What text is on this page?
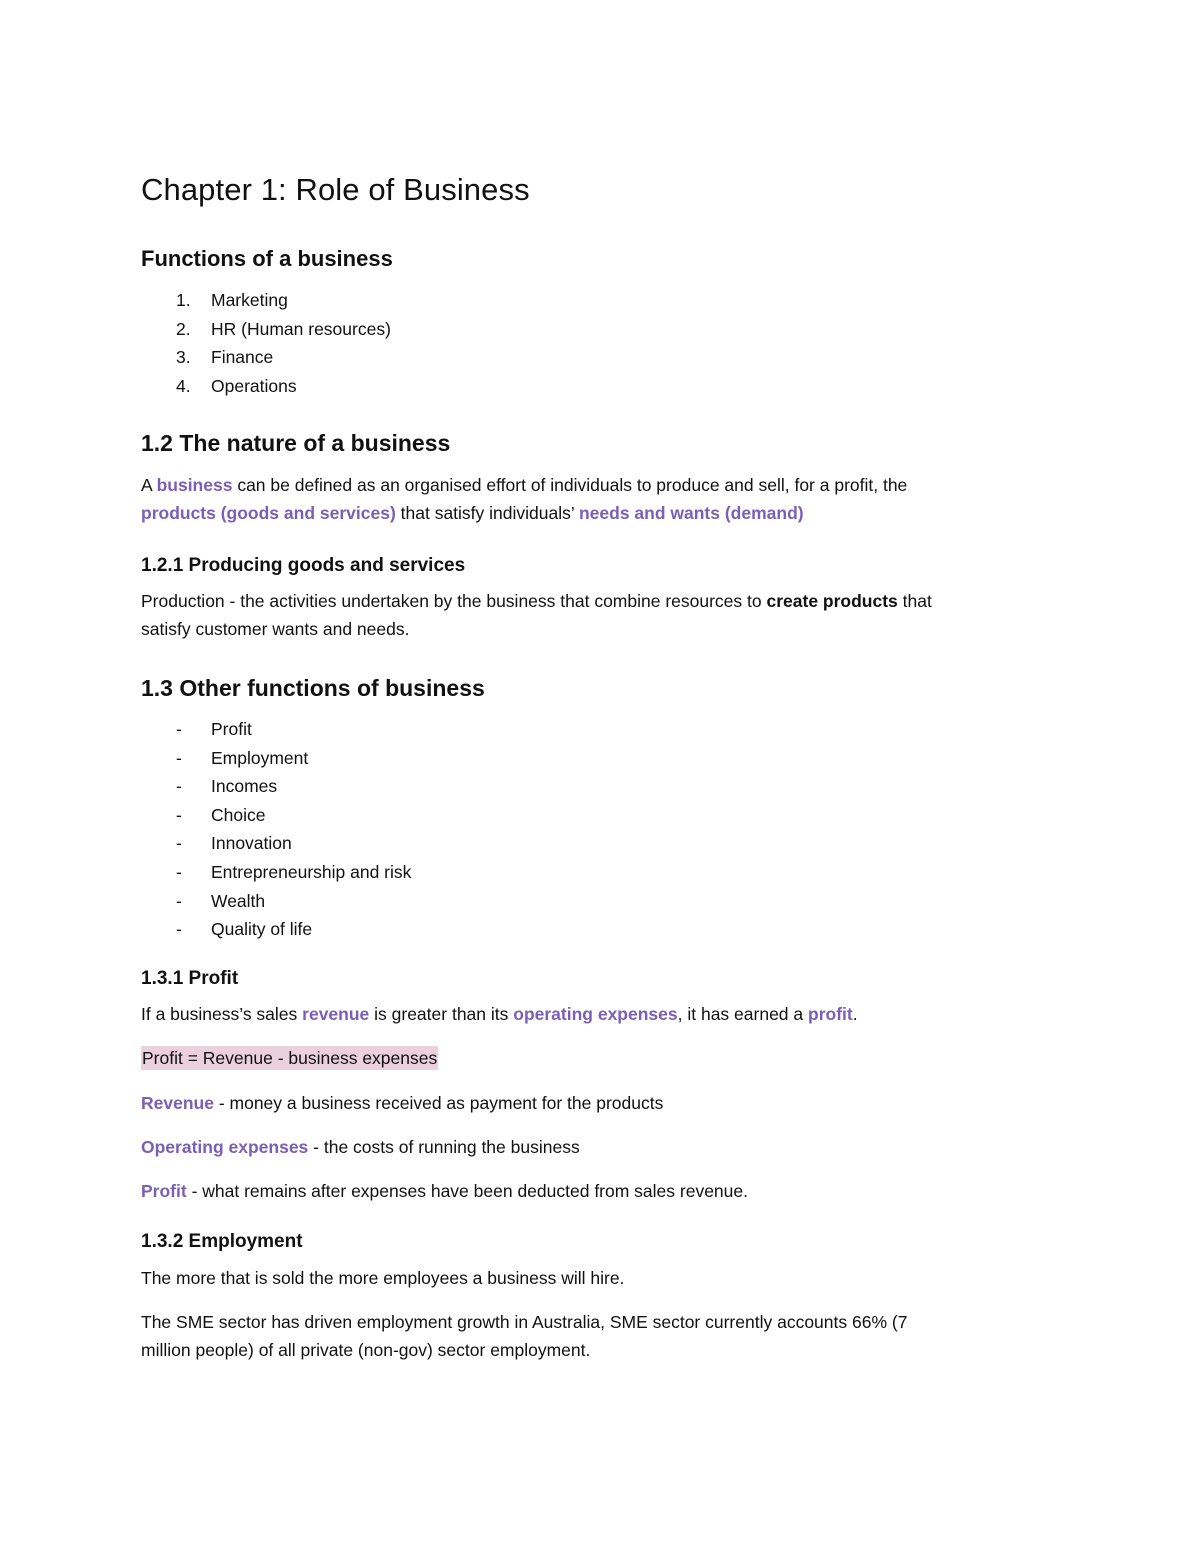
Chapter 1: Role of Business
Functions of a business
1. Marketing
2. HR (Human resources)
3. Finance
4. Operations
1.2 The nature of a business
A business can be defined as an organised effort of individuals to produce and sell, for a profit, the
products (goods and services) that satisfy individuals’ needs and wants (demand)
1.2.1 Producing goods and services
Production - the activities undertaken by the business that combine resources to create products that
satisfy customer wants and needs.
1.3 Other functions of business
- Profit
- Employment
- Incomes
- Choice
- Innovation
- Entrepreneurship and risk
- Wealth
- Quality of life
1.3.1 Profit
If a business’s sales revenue is greater than its operating expenses, it has earned a profit.
Profit = Revenue - business expenses
Revenue - money a business received as payment for the products
Operating expenses - the costs of running the business
Profit - what remains after expenses have been deducted from sales revenue.
1.3.2 Employment
The more that is sold the more employees a business will hire.
The SME sector has driven employment growth in Australia, SME sector currently accounts 66% (7
million people) of all private (non-gov) sector employment.
